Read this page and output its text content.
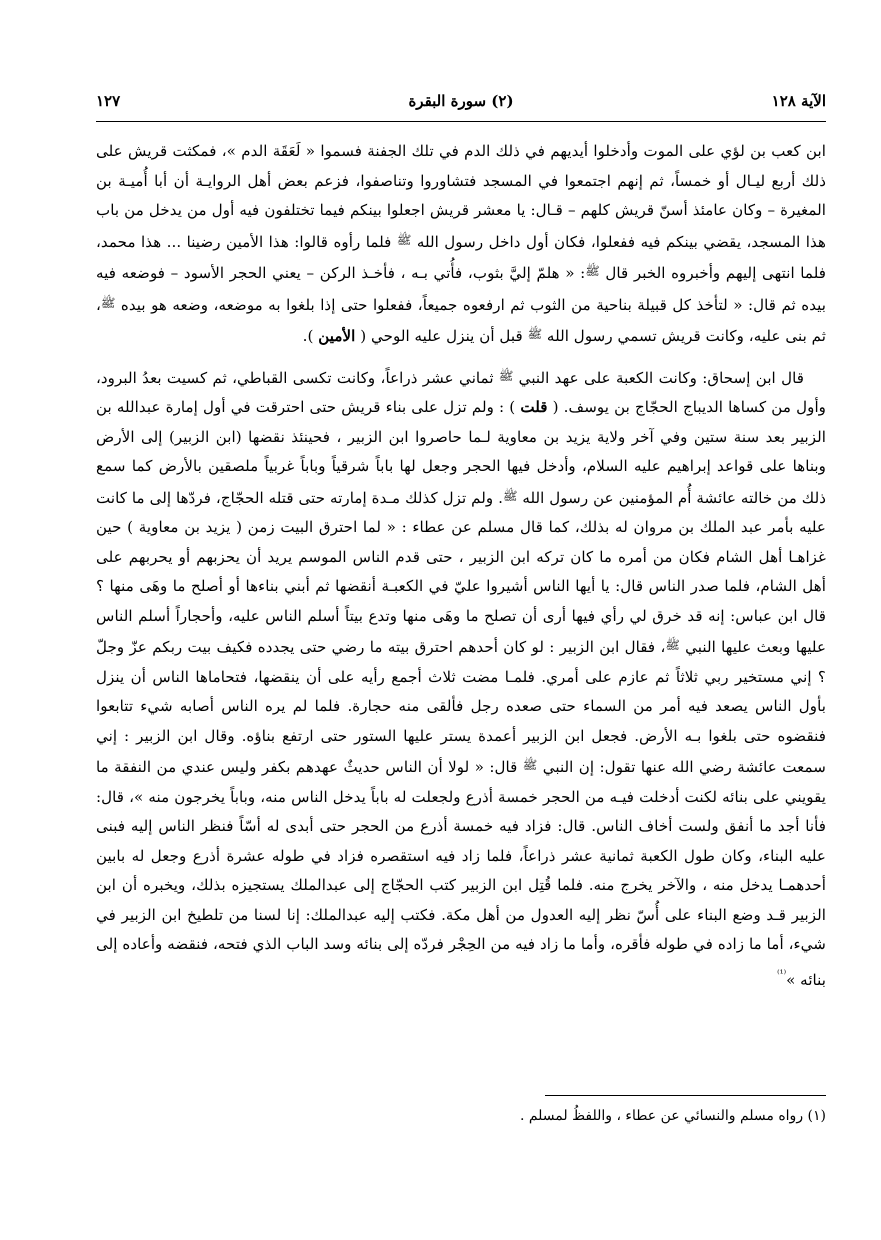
الآية ١٢٨
(٢) سورة البقرة
١٢٧

ابن كعب بن لؤي على الموت وأدخلوا أيديهم في ذلك الدم في تلك الجفنة فسموا « لَعَقَة الدم »، فمكثت قريش على ذلك أربع ليـال أو خمساً، ثم إنهم اجتمعوا في المسجد فتشاوروا وتناصفوا، فزعم بعض أهل الروايـة أن أبا أُميـة بن المغيرة – وكان عامئذ أسنّ قريش كلهم – قـال: يا معشر قريش اجعلوا بينكم فيما تختلفون فيه أول من يدخل من باب هذا المسجد، يقضي بينكم فيه ففعلوا، فكان أول داخل رسول الله ﷺ فلما رأوه قالوا: هذا الأمين رضينا ... هذا محمد، فلما انتهى إليهم وأخبروه الخبر قال ﷺ: « هلمّ إليَّ بثوب، فأُتي بـه ، فأخـذ الركن – يعني الحجر الأسود – فوضعه فيه بيده ثم قال: « لتأخذ كل قبيلة بناحية من الثوب ثم ارفعوه جميعاً، ففعلوا حتى إذا بلغوا به موضعه، وضعه هو بيده ﷺ، ثم بنى عليه، وكانت قريش تسمي رسول الله ﷺ قبل أن ينزل عليه الوحي ( الأمين ).

قال ابن إسحاق: وكانت الكعبة على عهد النبي ﷺ ثماني عشر ذراعاً، وكانت تكسى القباطي، ثم كسيت بعدُ البرود، وأول من كساها الديباج الحجّاج بن يوسف. ( قلت ) : ولم تزل على بناء قريش حتى احترقت في أول إمارة عبدالله بن الزبير بعد سنة ستين وفي آخر ولاية يزيد بن معاوية لـما حاصروا ابن الزبير ، فحينئذ نقضها (ابن الزبير) إلى الأرض وبناها على قواعد إبراهيم عليه السلام، وأدخل فيها الحجر وجعل لها باباً شرقياً وباباً غربياً ملصقين بالأرض كما سمع ذلك من خالته عائشة أُم المؤمنين عن رسول الله ﷺ. ولم تزل كذلك مـدة إمارته حتى قتله الحجّاج، فردّها إلى ما كانت عليه بأمر عبد الملك بن مروان له بذلك، كما قال مسلم عن عطاء : « لما احترق البيت زمن ( يزيد بن معاوية ) حين غزاهـا أهل الشام فكان من أمره ما كان تركه ابن الزبير ، حتى قدم الناس الموسم يريد أن يحزبهم أو يحربهم على أهل الشام، فلما صدر الناس قال: يا أيها الناس أشيروا عليّ في الكعبـة أنقضها ثم أبني بناءها أو أصلح ما وهَى منها ؟ قال ابن عباس: إنه قد خرق لي رأي فيها أرى أن تصلح ما وهَى منها وتدع بيتاً أسلم الناس عليه، وأحجاراً أسلم الناس عليها وبعث عليها النبي ﷺ، فقال ابن الزبير : لو كان أحدهم احترق بيته ما رضي حتى يجدده فكيف بيت ربكم عزّ وجلّ ؟ إني مستخير ربي ثلاثاً ثم عازم على أمري. فلمـا مضت ثلاث أجمع رأيه على أن ينقضها، فتحاماها الناس أن ينزل بأول الناس يصعد فيه أمر من السماء حتى صعده رجل فألقى منه حجارة. فلما لم يره الناس أصابه شيء تتابعوا فنقضوه حتى بلغوا بـه الأرض. فجعل ابن الزبير أعمدة يستر عليها الستور حتى ارتفع بناؤه. وقال ابن الزبير : إني سمعت عائشة رضي الله عنها تقول: إن النبي ﷺ قال: « لولا أن الناس حديثٌ عهدهم بكفر وليس عندي من النفقة ما يقويني على بنائه لكنت أدخلت فيـه من الحجر خمسة أذرع ولجعلت له باباً يدخل الناس منه، وباباً يخرجون منه »، قال: فأنا أجد ما أنفق ولست أخاف الناس. قال: فزاد فيه خمسة أذرع من الحجر حتى أبدى له أسّاً فنظر الناس إليه فبنى عليه البناء، وكان طول الكعبة ثمانية عشر ذراعاً، فلما زاد فيه استقصره فزاد في طوله عشرة أذرع وجعل له بابين أحدهمـا يدخل منه ، والآخر يخرج منه. فلما قُتِل ابن الزبير كتب الحجّاج إلى عبدالملك يستجيزه بذلك، ويخبره أن ابن الزبير قـد وضع البناء على أُسّ نظر إليه العدول من أهل مكة. فكتب إليه عبدالملك: إنا لسنا من تلطيخ ابن الزبير في شيء، أما ما زاده في طوله فأقره، وأما ما زاد فيه من الحِجْر فردّه إلى بنائه وسد الباب الذي فتحه، فنقضه وأعاده إلى بنائه »$^{^{(1)}}$

(١) رواه مسلم والنسائي عن عطاء ، واللفظُ لمسلم .
